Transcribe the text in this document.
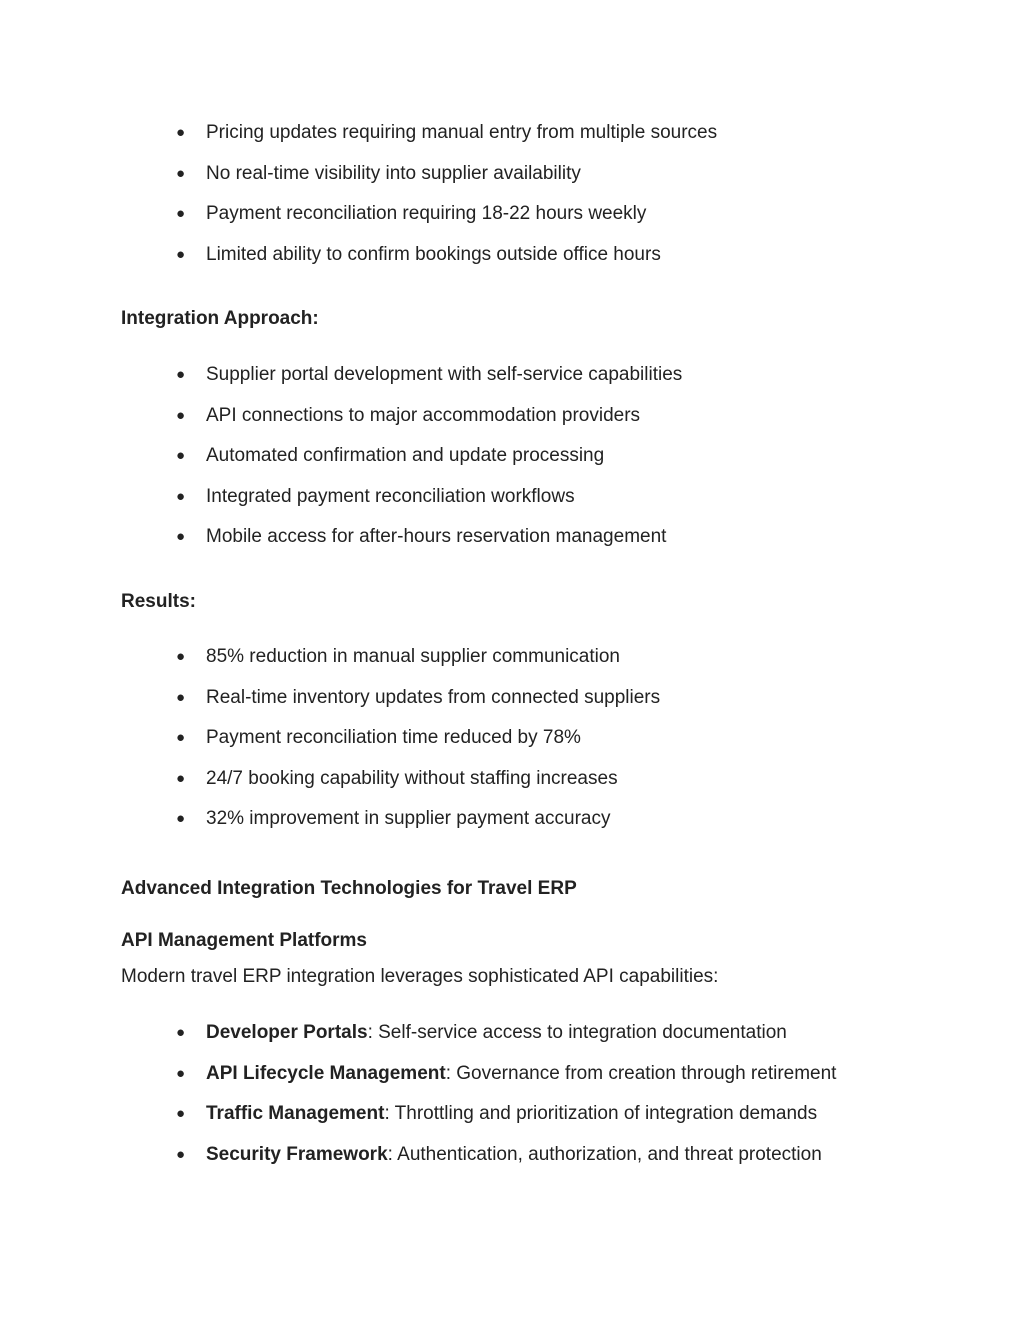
● Pricing updates requiring manual entry from multiple sources
● No real-time visibility into supplier availability
● Payment reconciliation requiring 18-22 hours weekly
● Limited ability to confirm bookings outside office hours
Integration Approach:
● Supplier portal development with self-service capabilities
● API connections to major accommodation providers
● Automated confirmation and update processing
● Integrated payment reconciliation workflows
● Mobile access for after-hours reservation management
Results:
● 85% reduction in manual supplier communication
● Real-time inventory updates from connected suppliers
● Payment reconciliation time reduced by 78%
● 24/7 booking capability without staffing increases
● 32% improvement in supplier payment accuracy
Advanced Integration Technologies for Travel ERP
API Management Platforms

Modern travel ERP integration leverages sophisticated API capabilities:

● Developer Portals: Self-service access to integration documentation
● API Lifecycle Management: Governance from creation through retirement
● Traffic Management: Throttling and prioritization of integration demands
● Security Framework: Authentication, authorization, and threat protection
